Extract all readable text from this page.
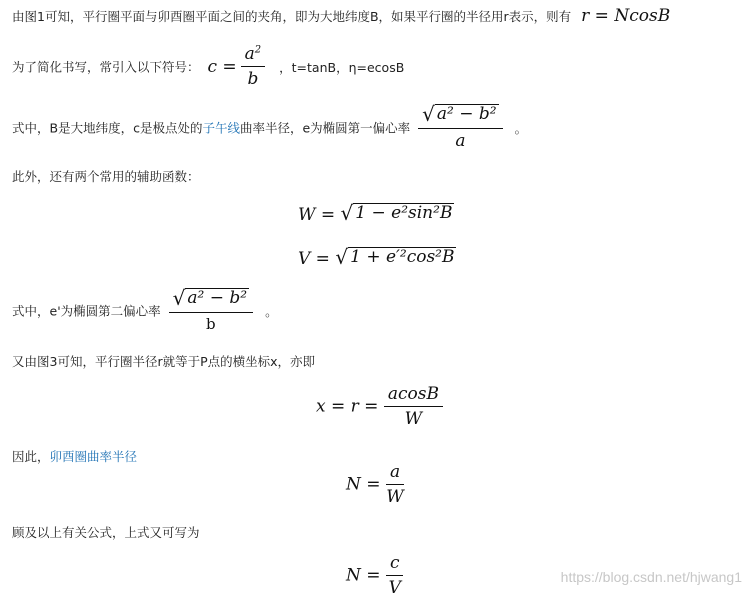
由图1可知，平行圈平面与卯酉圈平面之间的夹角，即为大地纬度B，如果平行圈的半径用r表示，则有 r = NcosB
为了简化书写，常引入以下符号： $c = \frac{a^2}{b}$ ，t=tanB，η=ecosB
式中，B是大地纬度，c是极点处的子午线曲率半径，e为椭圆第一偏心率 $\frac{\text{√ a² − b²}}{a}$ 。
此外，还有两个常用的辅助函数：
W = √ 1 − e²sin²B
V = √ 1 + e′²cos²B
式中，e'为椭圆第二偏心率 $\frac{\text{√ a² − b²}}{b}$ 。
又由图3可知，平行圈半径r就等于P点的横坐标x，亦即
$x = r = \frac{acosB}{W}$
因此，卯酉圈曲率半径
$N = \frac{a}{W}$
顾及以上有关公式，上式又可写为
$N = \frac{c}{V}$	https://blog.csdn.net/hjwang1
